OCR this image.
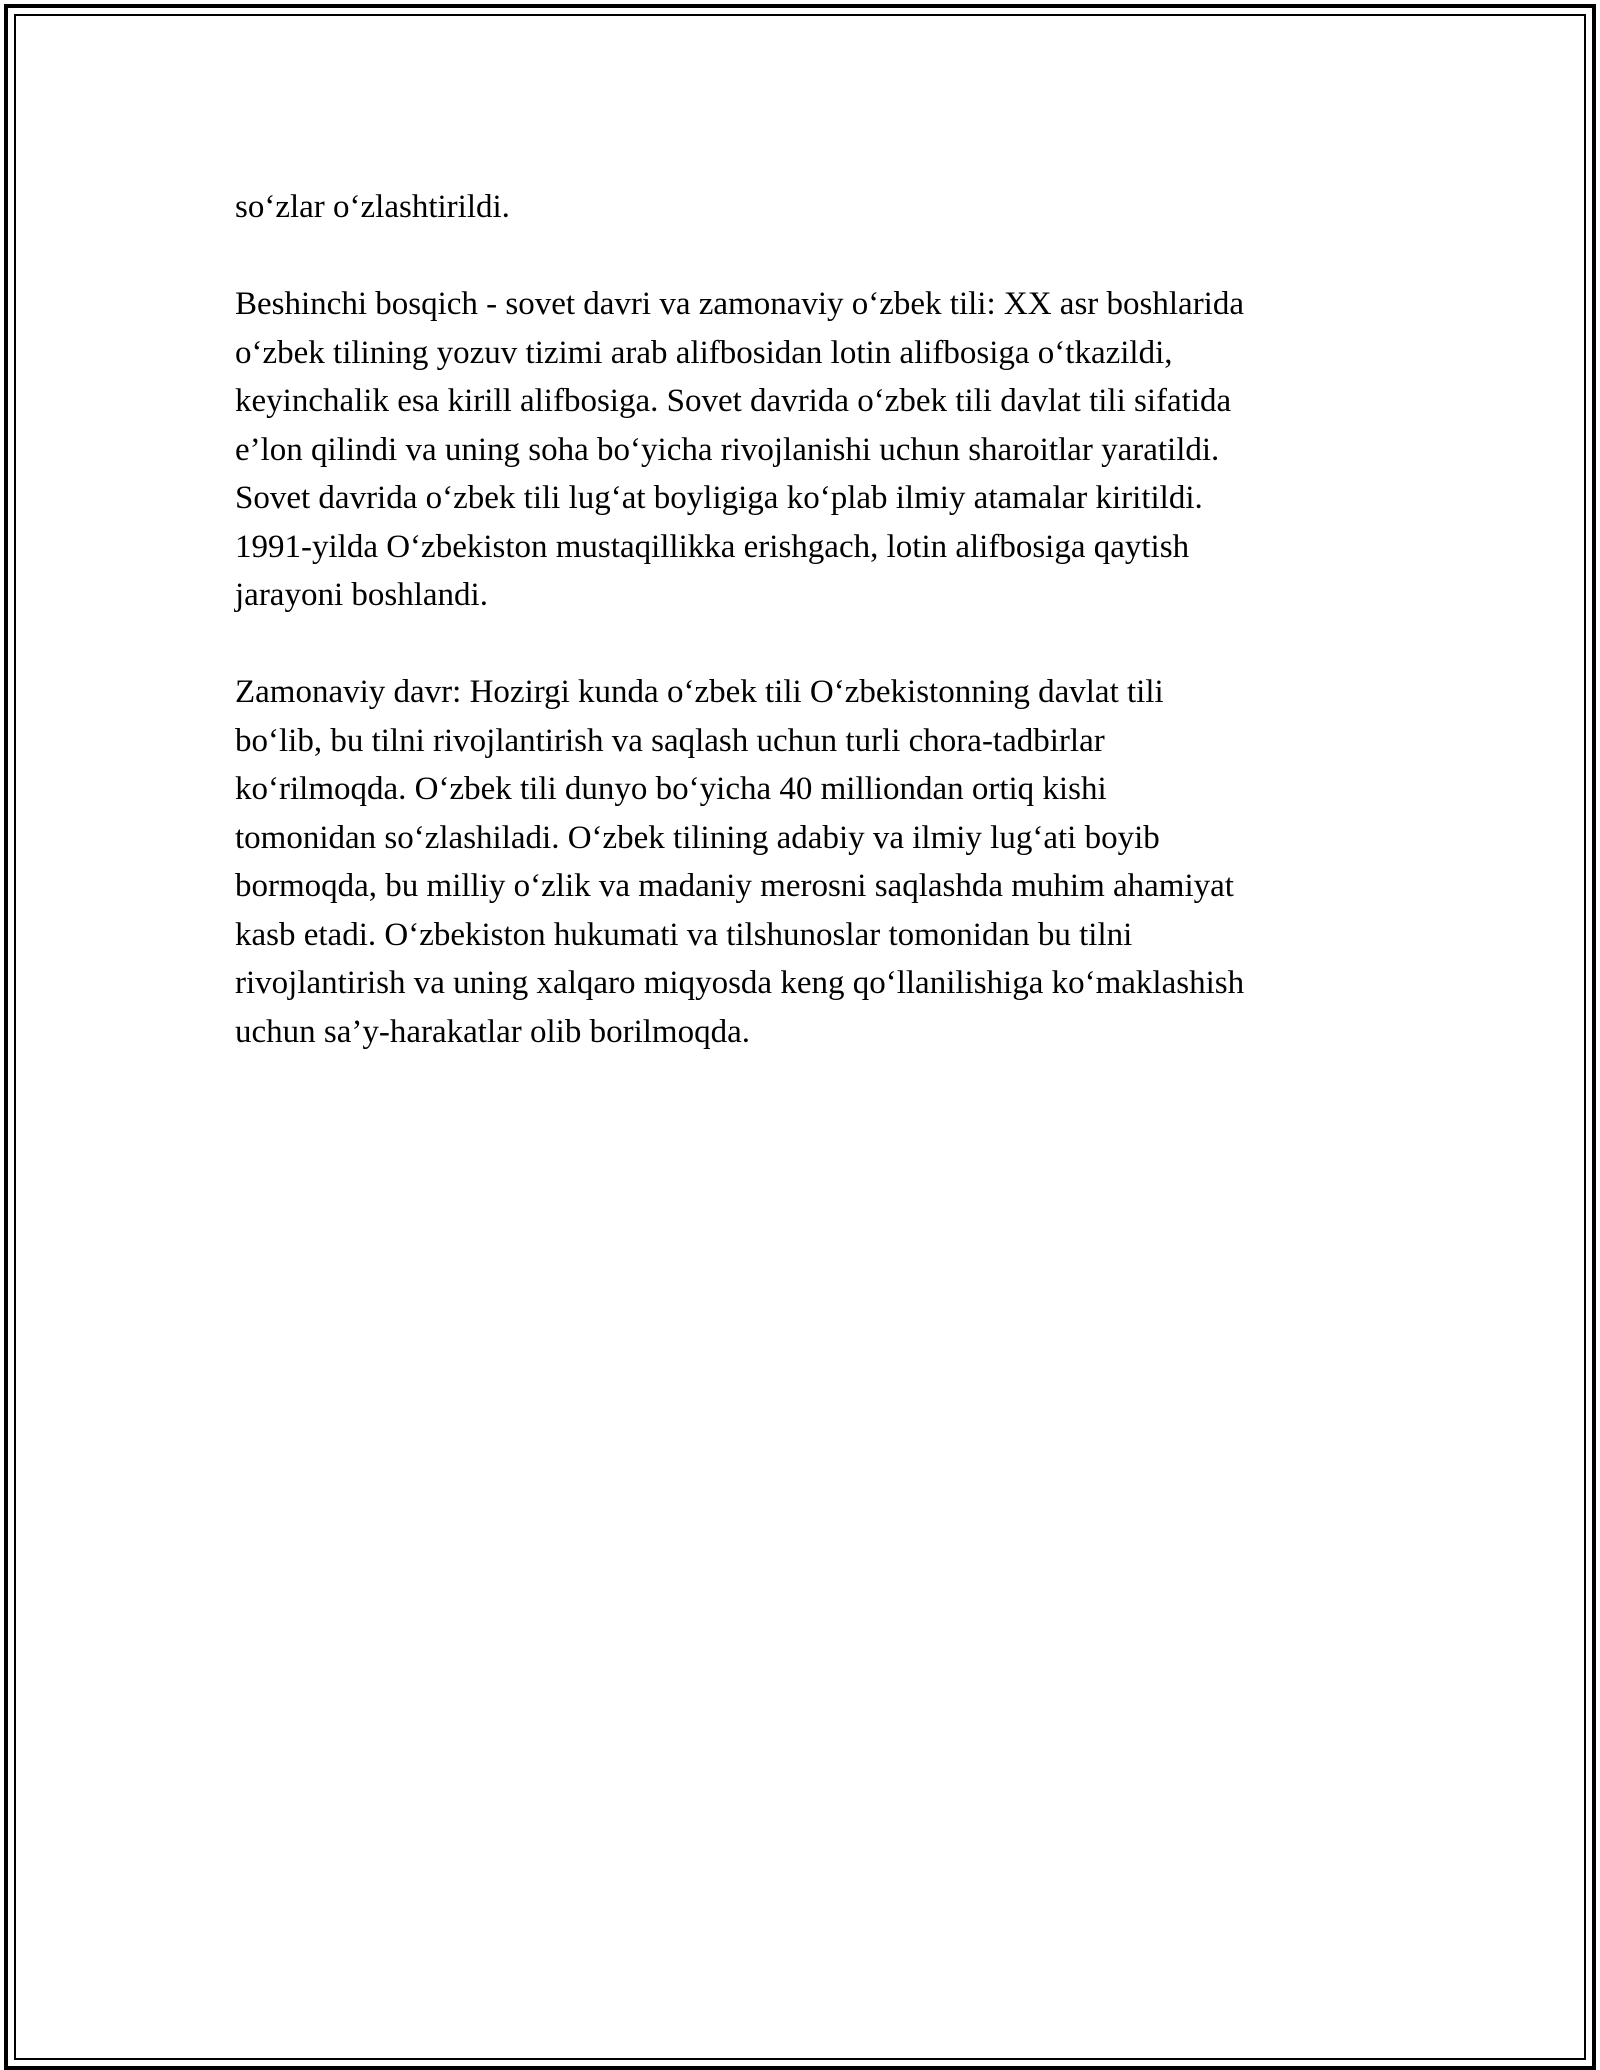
so‘zlar o‘zlashtirildi.

Beshinchi bosqich - sovet davri va zamonaviy o‘zbek tili: XX asr boshlarida
o‘zbek tilining yozuv tizimi arab alifbosidan lotin alifbosiga o‘tkazildi,
keyinchalik esa kirill alifbosiga. Sovet davrida o‘zbek tili davlat tili sifatida
e’lon qilindi va uning soha bo‘yicha rivojlanishi uchun sharoitlar yaratildi.
Sovet davrida o‘zbek tili lug‘at boyligiga ko‘plab ilmiy atamalar kiritildi.
1991-yilda O‘zbekiston mustaqillikka erishgach, lotin alifbosiga qaytish
jarayoni boshlandi.

Zamonaviy davr: Hozirgi kunda o‘zbek tili O‘zbekistonning davlat tili
bo‘lib, bu tilni rivojlantirish va saqlash uchun turli chora-tadbirlar
ko‘rilmoqda. O‘zbek tili dunyo bo‘yicha 40 milliondan ortiq kishi
tomonidan so‘zlashiladi. O‘zbek tilining adabiy va ilmiy lug‘ati boyib
bormoqda, bu milliy o‘zlik va madaniy merosni saqlashda muhim ahamiyat
kasb etadi. O‘zbekiston hukumati va tilshunoslar tomonidan bu tilni
rivojlantirish va uning xalqaro miqyosda keng qo‘llanilishiga ko‘maklashish
uchun sa’y-harakatlar olib borilmoqda.
